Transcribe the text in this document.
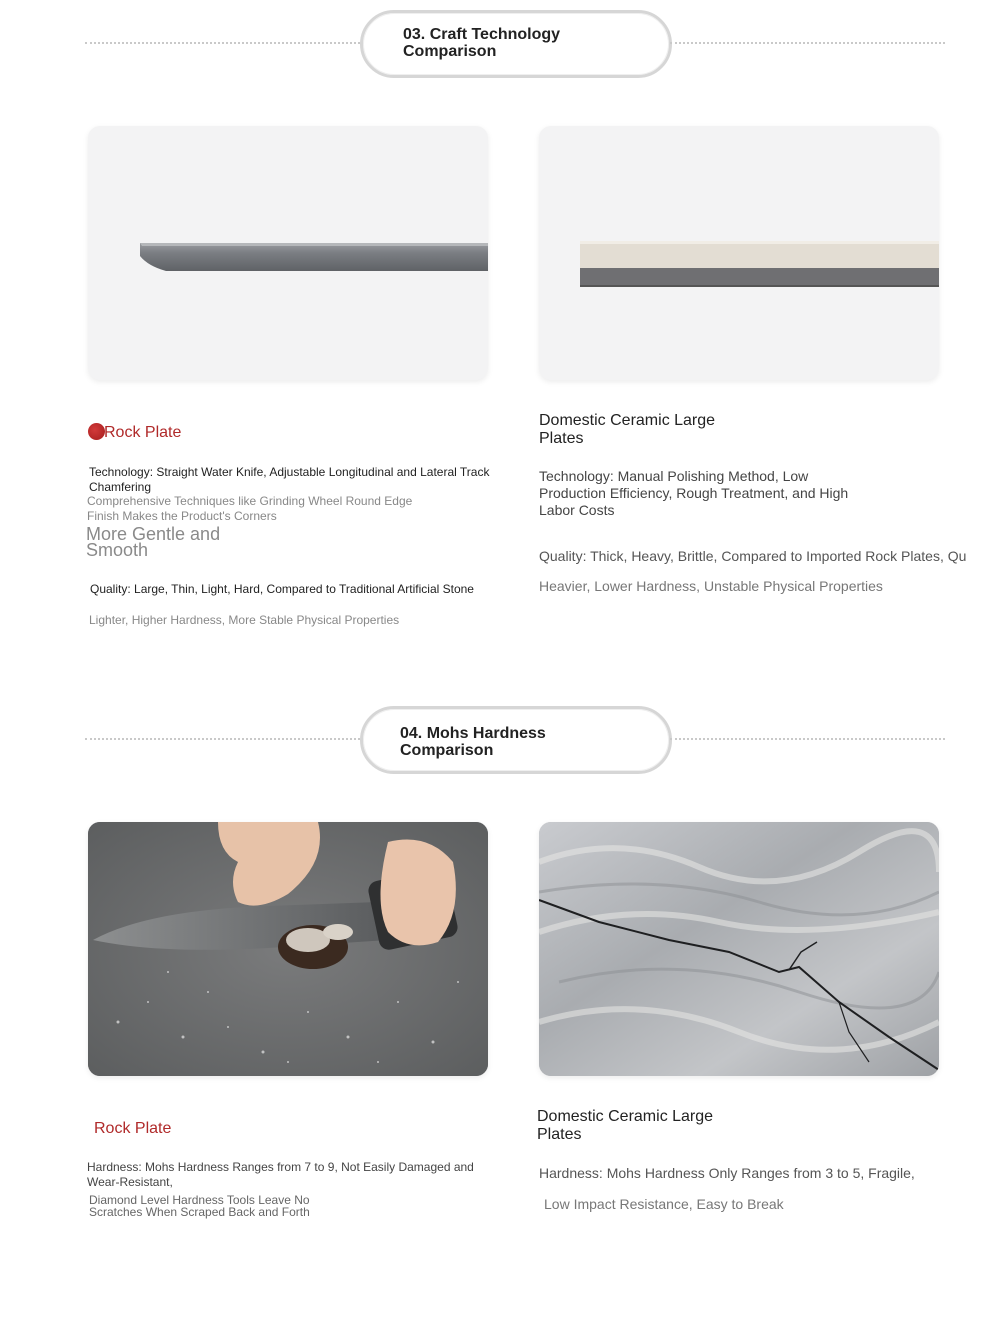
03. Craft Technology Comparison
Rock Plate
Technology: Straight Water Knife, Adjustable Longitudinal and Lateral Track Chamfering
Comprehensive Techniques like Grinding Wheel Round Edge Finish Makes the Product's Corners
More Gentle and Smooth
Quality: Large, Thin, Light, Hard, Compared to Traditional Artificial Stone
Lighter, Higher Hardness, More Stable Physical Properties
Domestic Ceramic Large Plates
Technology: Manual Polishing Method, Low Production Efficiency, Rough Treatment, and High Labor Costs
Quality: Thick, Heavy, Brittle, Compared to Imported Rock Plates, Qu
Heavier, Lower Hardness, Unstable Physical Properties
04. Mohs Hardness Comparison
Rock Plate
Hardness: Mohs Hardness Ranges from 7 to 9, Not Easily Damaged and Wear-Resistant,
Diamond Level Hardness Tools Leave No Scratches When Scraped Back and Forth
Domestic Ceramic Large Plates
Hardness: Mohs Hardness Only Ranges from 3 to 5, Fragile,
Low Impact Resistance, Easy to Break
